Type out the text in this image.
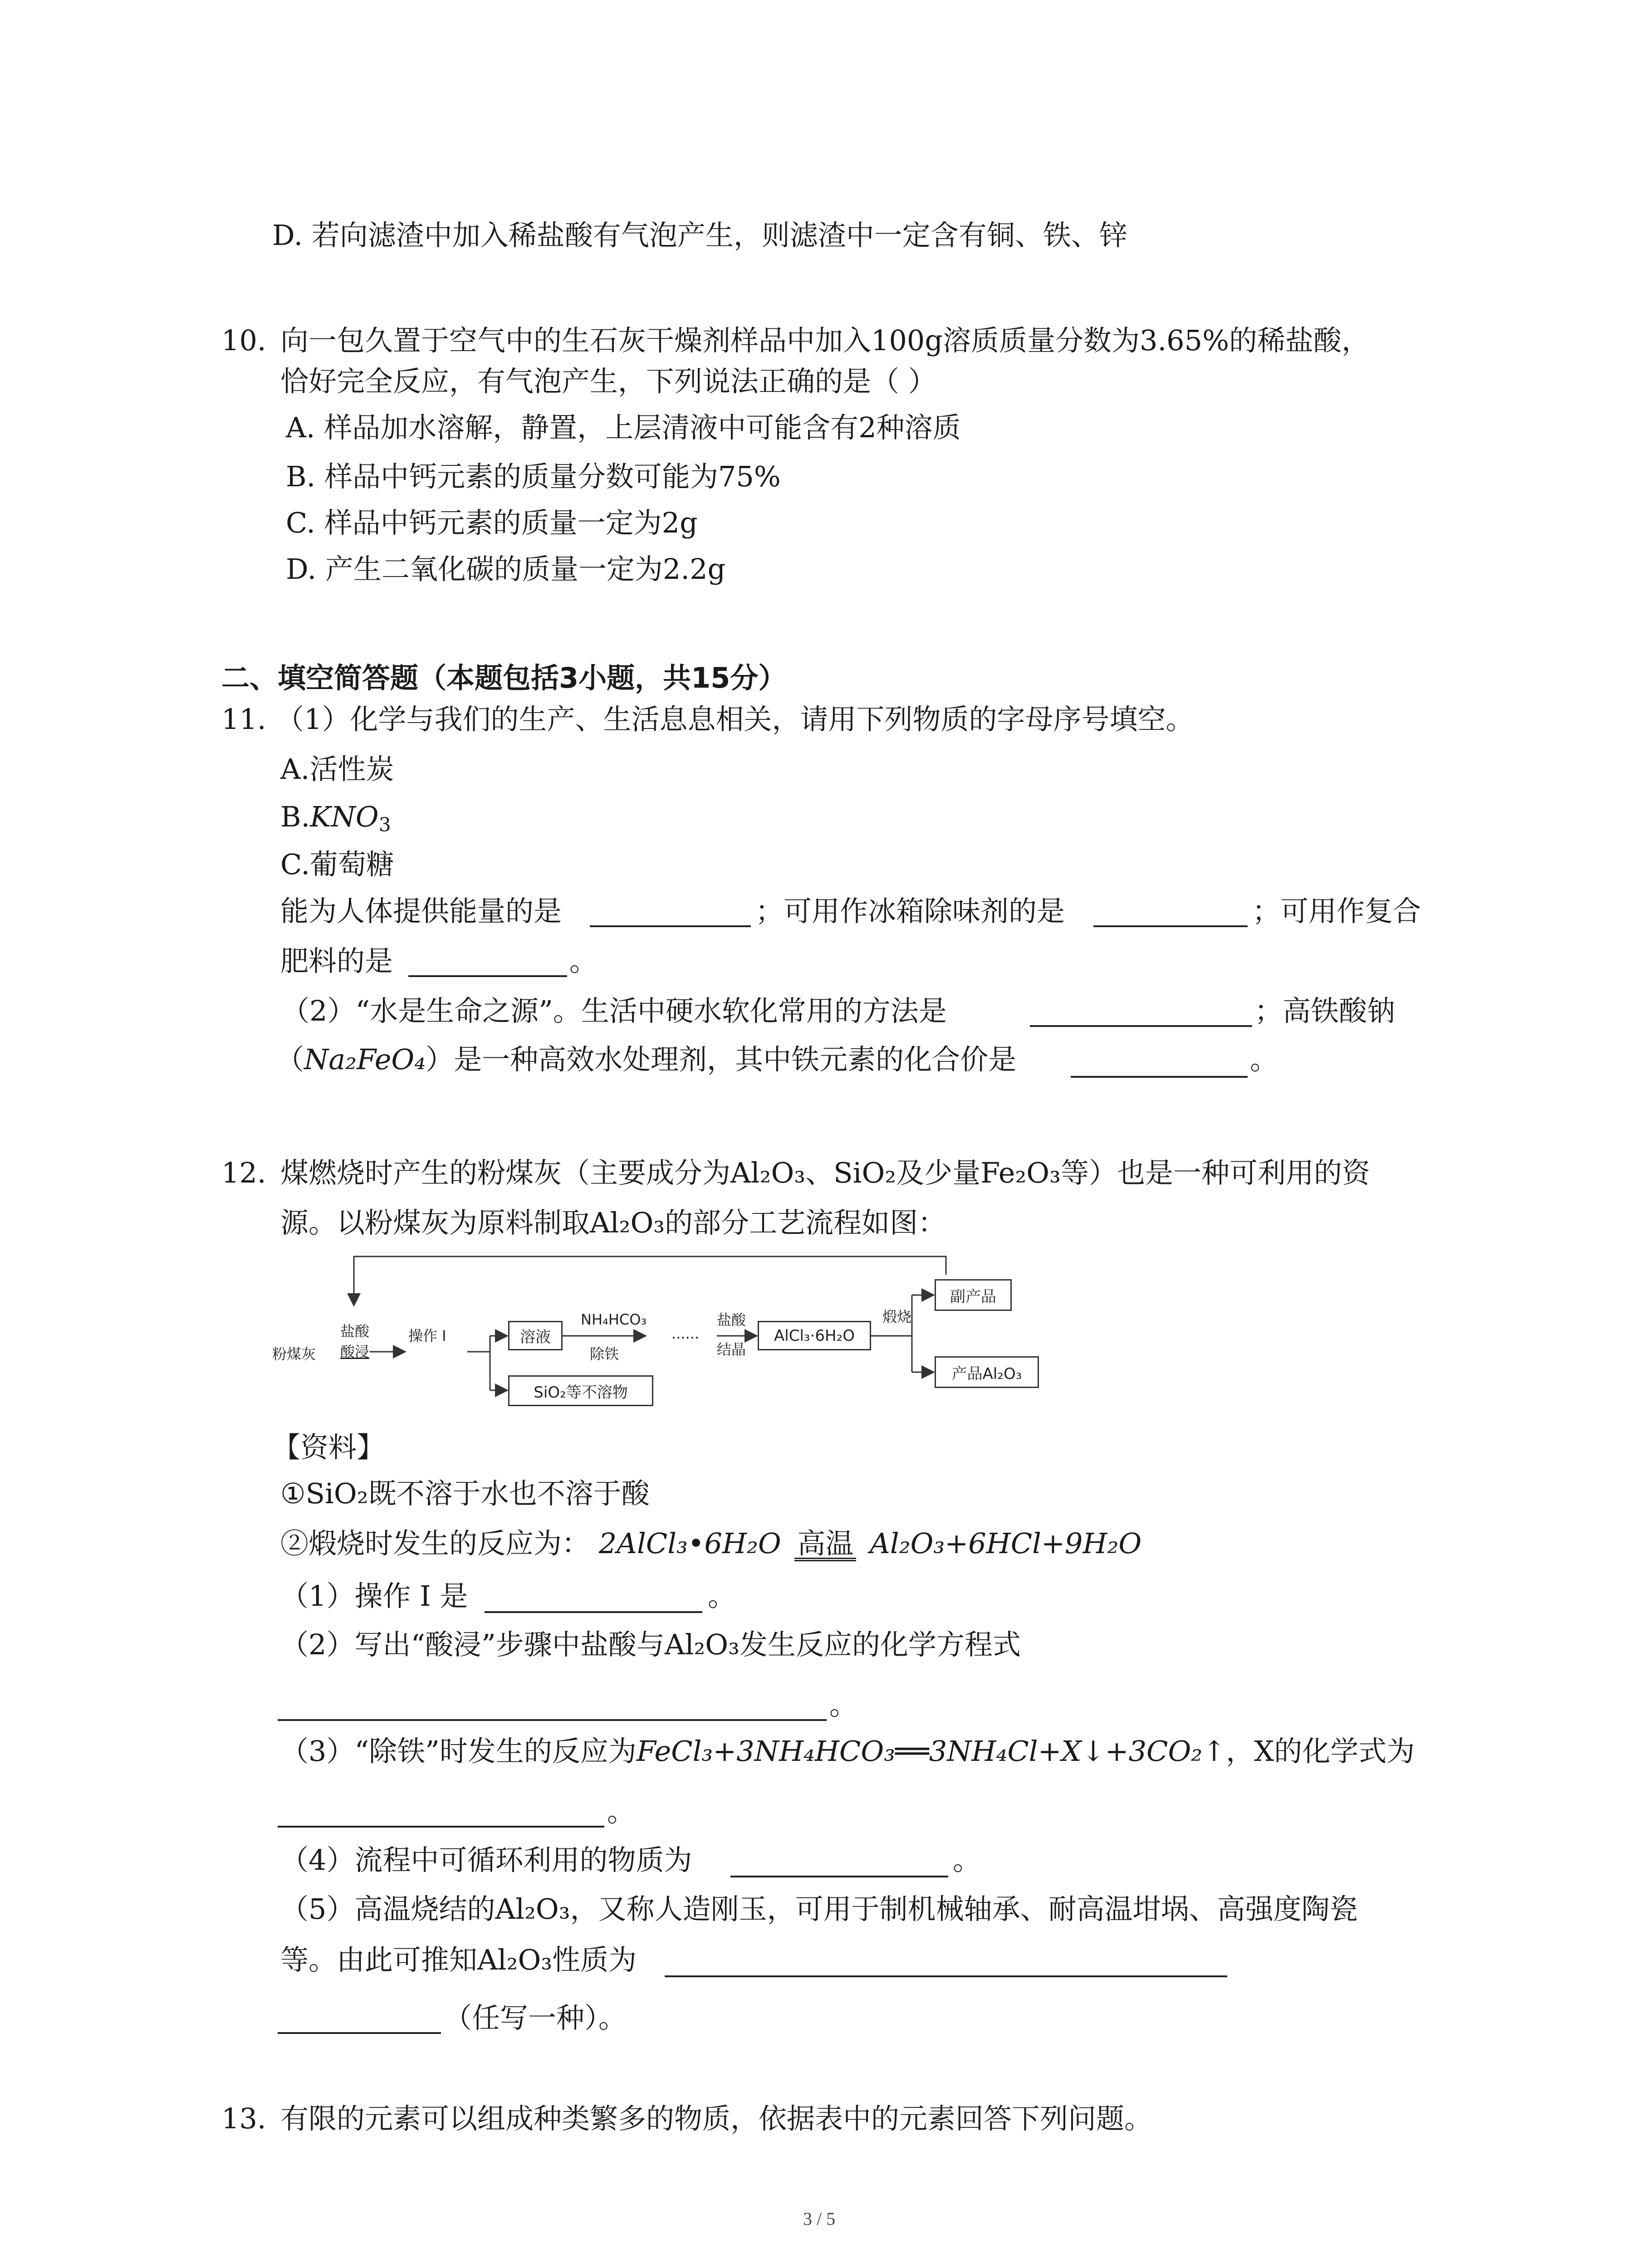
D. 若向滤渣中加入稀盐酸有气泡产生，则滤渣中一定含有铜、铁、锌
10. 向一包久置于空气中的生石灰干燥剂样品中加入100g溶质质量分数为3.65%的稀盐酸，
恰好完全反应，有气泡产生，下列说法正确的是（ ）
A. 样品加水溶解，静置，上层清液中可能含有2种溶质
B. 样品中钙元素的质量分数可能为75%
C. 样品中钙元素的质量一定为2g
D. 产生二氧化碳的质量一定为2.2g
二、填空简答题（本题包括3小题，共15分）
11. （1）化学与我们的生产、生活息息相关，请用下列物质的字母序号填空。
A.活性炭
$B.KNO_3$
C.葡萄糖
能为人体提供能量的是	；可用作冰箱除味剂的是	；可用作复合
肥料的是	。
（2）“水是生命之源”。生活中硬水软化常用的方法是	；高铁酸钠
（Na₂FeO₄）是一种高效水处理剂，其中铁元素的化合价是	。
12. 煤燃烧时产生的粉煤灰（主要成分为Al₂O₃、SiO₂及少量Fe₂O₃等）也是一种可利用的资
源。以粉煤灰为原料制取Al₂O₃的部分工艺流程如图：
粉煤灰
盐酸
酸浸
操作 I	溶液
NH₄HCO₃
除铁
······
盐酸
结晶
AlCl₃·6H₂O
煅烧
副产品
产品Al₂O₃
SiO₂等不溶物
【资料】
①SiO₂既不溶于水也不溶于酸
②煅烧时发生的反应为： 2AlCl₃•6H₂O 高温 Al₂O₃+6HCl+9H₂O
（1）操作 I 是	。
（2）写出“酸浸”步骤中盐酸与Al₂O₃发生反应的化学方程式
。
（3）“除铁”时发生的反应为FeCl₃+3NH₄HCO₃══3NH₄Cl+X↓+3CO₂↑，X的化学式为
。
（4）流程中可循环利用的物质为	。
（5）高温烧结的Al₂O₃，又称人造刚玉，可用于制机械轴承、耐高温坩埚、高强度陶瓷
等。由此可推知Al₂O₃性质为
（任写一种）。
13. 有限的元素可以组成种类繁多的物质，依据表中的元素回答下列问题。
3 / 5
